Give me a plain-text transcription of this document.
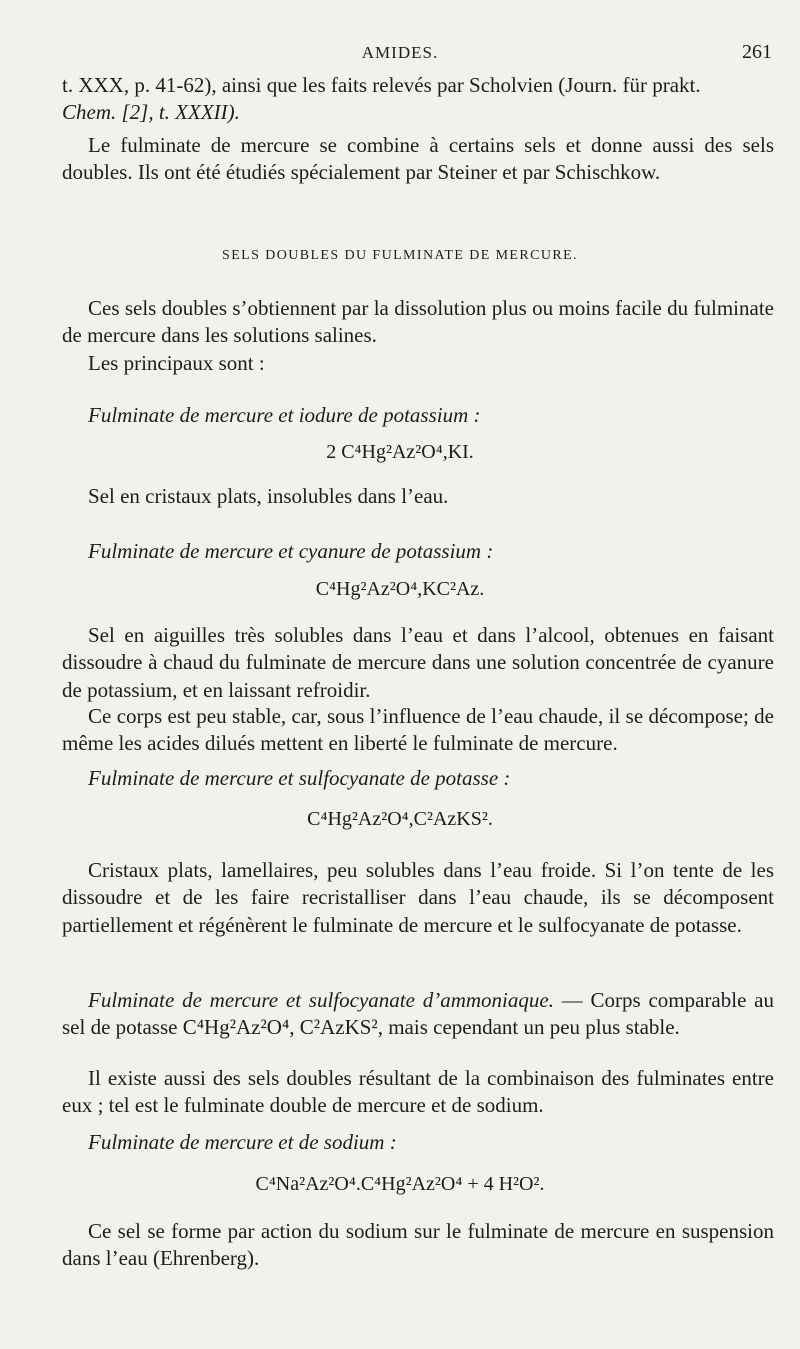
AMIDES.	261
t. XXX, p. 41-62), ainsi que les faits relevés par Scholvien (Journ. für prakt.
Chem. [2], t. XXXII).
Le fulminate de mercure se combine à certains sels et donne aussi des sels doubles. Ils ont été étudiés spécialement par Steiner et par Schischkow.
SELS DOUBLES DU FULMINATE DE MERCURE.
Ces sels doubles s’obtiennent par la dissolution plus ou moins facile du fulminate de mercure dans les solutions salines.
Les principaux sont :
Fulminate de mercure et iodure de potassium :
2 C⁴Hg²Az²O⁴,KI.
Sel en cristaux plats, insolubles dans l’eau.
Fulminate de mercure et cyanure de potassium :
C⁴Hg²Az²O⁴,KC²Az.
Sel en aiguilles très solubles dans l’eau et dans l’alcool, obtenues en faisant dissoudre à chaud du fulminate de mercure dans une solution concentrée de cyanure de potassium, et en laissant refroidir.
Ce corps est peu stable, car, sous l’influence de l’eau chaude, il se décompose; de même les acides dilués mettent en liberté le fulminate de mercure.
Fulminate de mercure et sulfocyanate de potasse :
C⁴Hg²Az²O⁴,C²AzKS².
Cristaux plats, lamellaires, peu solubles dans l’eau froide. Si l’on tente de les dissoudre et de les faire recristalliser dans l’eau chaude, ils se décomposent partiellement et régénèrent le fulminate de mercure et le sulfocyanate de potasse.
Fulminate de mercure et sulfocyanate d’ammoniaque. — Corps comparable au sel de potasse C⁴Hg²Az²O⁴, C²AzKS², mais cependant un peu plus stable.
Il existe aussi des sels doubles résultant de la combinaison des fulminates entre eux ; tel est le fulminate double de mercure et de sodium.
Fulminate de mercure et de sodium :
C⁴Na²Az²O⁴.C⁴Hg²Az²O⁴ + 4 H²O².
Ce sel se forme par action du sodium sur le fulminate de mercure en suspension dans l’eau (Ehrenberg).
